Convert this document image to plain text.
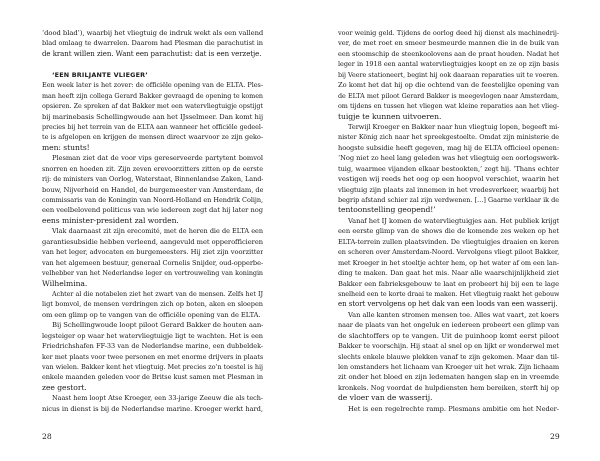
‘dood blad’), waarbij het vliegtuig de indruk wekt als een vallend
blad omlaag te dwarrelen. Daarom had Plesman die parachutist in
de krant willen zien. Want een parachutist: dat is een verzetje.
‘EEN BRILJANTE VLIEGER’
Een week later is het zover: de officiële opening van de ELTA. Ples-
man heeft zijn collega Gerard Bakker gevraagd de opening te komen
opsieren. Ze spreken af dat Bakker met een watervliegtuigje opstijgt
bij marinebasis Schellingwoude aan het IJsselmeer. Dan komt hij
precies bij het terrein van de ELTA aan wanneer het officiële gedeel-
te is afgelopen en krijgen de mensen direct waarvoor ze zijn geko-
men: stunts!
Plesman ziet dat de voor vips gereserveerde partytent bomvol
snorren en hoeden zit. Zijn zeven erevoorzitters zitten op de eerste
rij: de ministers van Oorlog, Waterstaat, Binnenlandse Zaken, Land-
bouw, Nijverheid en Handel, de burgemeester van Amsterdam, de
commissaris van de Koningin van Noord-Holland en Hendrik Colijn,
een veelbelovend politicus van wie iedereen zegt dat hij later nog
eens minister-president zal worden.
Vlak daarnaast zit zijn erecomité, met de heren die de ELTA een
garantiesubsidie hebben verleend, aangevuld met opperofficieren
van het leger, advocaten en burgemeesters. Hij ziet zijn voorzitter
van het algemeen bestuur, generaal Cornelis Snijder, oud-opperbe-
velhebber van het Nederlandse leger en vertrouweling van koningin
Wilhelmina.
Achter al die notabelen ziet het zwart van de mensen. Zelfs het IJ
ligt bomvol, de mensen verdringen zich op boten, aken en sloepen
om een glimp op te vangen van de officiële opening van de ELTA.
Bij Schellingwoude loopt piloot Gerard Bakker de houten aan-
legsteiger op waar het watervliegtuigje ligt te wachten. Het is een
Friedrichshafen FF-33 van de Nederlandse marine, een dubbeldek-
ker met plaats voor twee personen en met enorme drijvers in plaats
van wielen. Bakker kent het vliegtuig. Met precies zo’n toestel is hij
enkele maanden geleden voor de Britse kust samen met Plesman in
zee gestort.
Naast hem loopt Atse Kroeger, een 33-jarige Zeeuw die als tech-
nicus in dienst is bij de Nederlandse marine. Kroeger werkt hard,
28
voor weinig geld. Tijdens de oorlog deed hij dienst als machinedrij-
ver, de met roet en smeer besmeurde mannen die in de buik van
een stoomschip de steenkoolovens aan de praat houden. Nadat het
leger in 1918 een aantal watervliegtuigjes koopt en ze op zijn basis
bij Veere stationeert, begint hij ook daaraan reparaties uit te voeren.
Zo komt het dat hij op die ochtend van de feestelijke opening van
de ELTA met piloot Gerard Bakker is meegevlogen naar Amsterdam,
om tijdens en tussen het vliegen wat kleine reparaties aan het vlieg-
tuigje te kunnen uitvoeren.
Terwijl Kroeger en Bakker naar hun vliegtuig lopen, begeeft mi-
nister König zich naar het spreekgestoelte. Omdat zijn ministerie de
hoogste subsidie heeft gegeven, mag hij de ELTA officieel openen:
‘Nog niet zo heel lang geleden was het vliegtuig een oorlogswerk-
tuig, waarmee vijanden elkaar bestookten,’ zegt hij. ‘Thans echter
vestigen wij reeds het oog op een hoopvol verschiet, waarin het
vliegtuig zijn plaats zal innemen in het vredesverkeer, waarbij het
begrip afstand schier zal zijn verdwenen. […] Gaarne verklaar ik de
tentoonstelling geopend!’
Vanaf het IJ komen de watervliegtuigjes aan. Het publiek krijgt
een eerste glimp van de shows die de komende zes weken op het
ELTA-terrein zullen plaatsvinden. De vliegtuigjes draaien en keren
en scheren over Amsterdam-Noord. Vervolgens vliegt piloot Bakker,
met Kroeger in het stoeltje achter hem, op het water af om een lan-
ding te maken. Dan gaat het mis. Naar alle waarschijnlijkheid ziet
Bakker een fabrieksgebouw te laat en probeert hij bij een te lage
snelheid een te korte draai te maken. Het vliegtuig raakt het gebouw
en stort vervolgens op het dak van een loods van een wasserij.
Van alle kanten stromen mensen toe. Alles wat vaart, zet koers
naar de plaats van het ongeluk en iedereen probeert een glimp van
de slachtoffers op te vangen. Uit de puinhoop komt eerst piloot
Bakker te voorschijn. Hij staat al snel op en lijkt er wonderwel met
slechts enkele blauwe plekken vanaf te zijn gekomen. Maar dan til-
len omstanders het lichaam van Kroeger uit het wrak. Zijn lichaam
zit onder het bloed en zijn ledematen hangen slap en in vreemde
kronkels. Nog voordat de hulpdiensten hem bereiken, sterft hij op
de vloer van de wasserij.
Het is een regelrechte ramp. Plesmans ambitie om het Neder-
29
